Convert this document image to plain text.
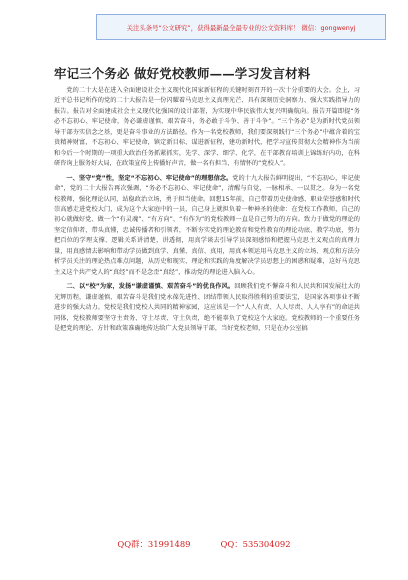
关注头条号“公文研究”，获得最新最全最专业的公文资料库！ 微信：gongwenyj
牢记三个务必 做好党校教师——学习发言材料

党的二十大是在进入全面建设社会主义现代化国家新征程的关键时刻召开的一次十分重要的大会。会上，习近平总书记所作的党的二十大报告是一份闪耀着马克思主义真理光芒、具有深刻历史洞察力、强大实践指导力的报告。报告对全面建成社会主义现代化强国的设计部署，为实现中华民族伟大复兴明确航向。报告开篇即提“务必不忘初心、牢记使命，务必谦虚谨慎、艰苦奋斗，务必敢于斗争、善于斗争”。“三个务必”是为新时代党员领导干部夯实信念之基，更是奋斗事业的方法路径。作为一名党校教师，我们要深刻践行“三个务必”中蕴含着的宝贵精神财富，不忘初心、牢记使命，镇定新目标、谋进新征程，建功新时代，把学习宣传贯彻大会精神作为当前和今后一个时期的一项重大政治任务抓紧抓实，先学、深学、细学、化学，在干部教育培训上锦练好内功，在科研咨询上服务好大局，在政策宣传上传播好声音，做一名有担当、有情怀的“党校人”。

一、坚守“党”性，坚定“不忘初心、牢记使命”的理想信念。党的十九大报告鲜明提出，“不忘初心，牢记使命”，党的二十大报告再次强调，“务必不忘初心、牢记使命”，清醒与自觉，一脉相承、一以贯之。身为一名党校教师，强化理论认同，站稳政治立场，勇于担当使命。回想15年前，自己带着历史使命感、职业荣誉感和时代崇高感走进党校大门，成为这个大家庭中的一员，自己身上就担负着一种神圣的使命：在党校工作教师，自己的初心就做好党、做一个“有灵魂”、“有方向”、“有作为”的党校教师一直是自己努力的方向。致力于做党的理论的坚定信仰者，带头真懂，忠诚传播者和引领者，不断夯实党的理论教育和党性教育的理论功底、教学功底，努力把百位的学理支撑、逻辑关系讲清楚，讲透彻，用真学谈去引导学员深刻感悟和把握马克思主义观点的真理力量，用真感情去影响和带动学员做到真学、真懂、真信、真用，用真本领运用马克思主义的立场、观点和方法分析学员关注的理论热点难点问题，从历史和现实、理论和实践的角度解决学员思想上的困惑和疑难，这好马克思主义这个共产党人的“真经”而不是念歪“真经”，推动党的理论进入脑入心。

二、以“校”为家，发扬“谦虚谨慎、艰苦奋斗”的优良作风。回顾我们党不懈奋斗和人民共和国发展壮大的光辉历程，谦虚谨慎、艰苦奋斗是我们党永葆先进性、团结带领人民取得胜利的重要法宝，是国家各项事业不断进步的强大动力。党校是我们党校人共同的精神家园，这应该是一个“人人有责、人人尽责、人人享有”的命运共同体，党校教师要坚守主责务、守土尽责、守土负责，绝不能辜负了党校这个大家庭。党校教师的一个重要任务是把党的理论、方针和政策准确地传达给广大党员领导干部，当好党校老师，只是在办公室搞

QQ群：31991489	QQ：535304092
